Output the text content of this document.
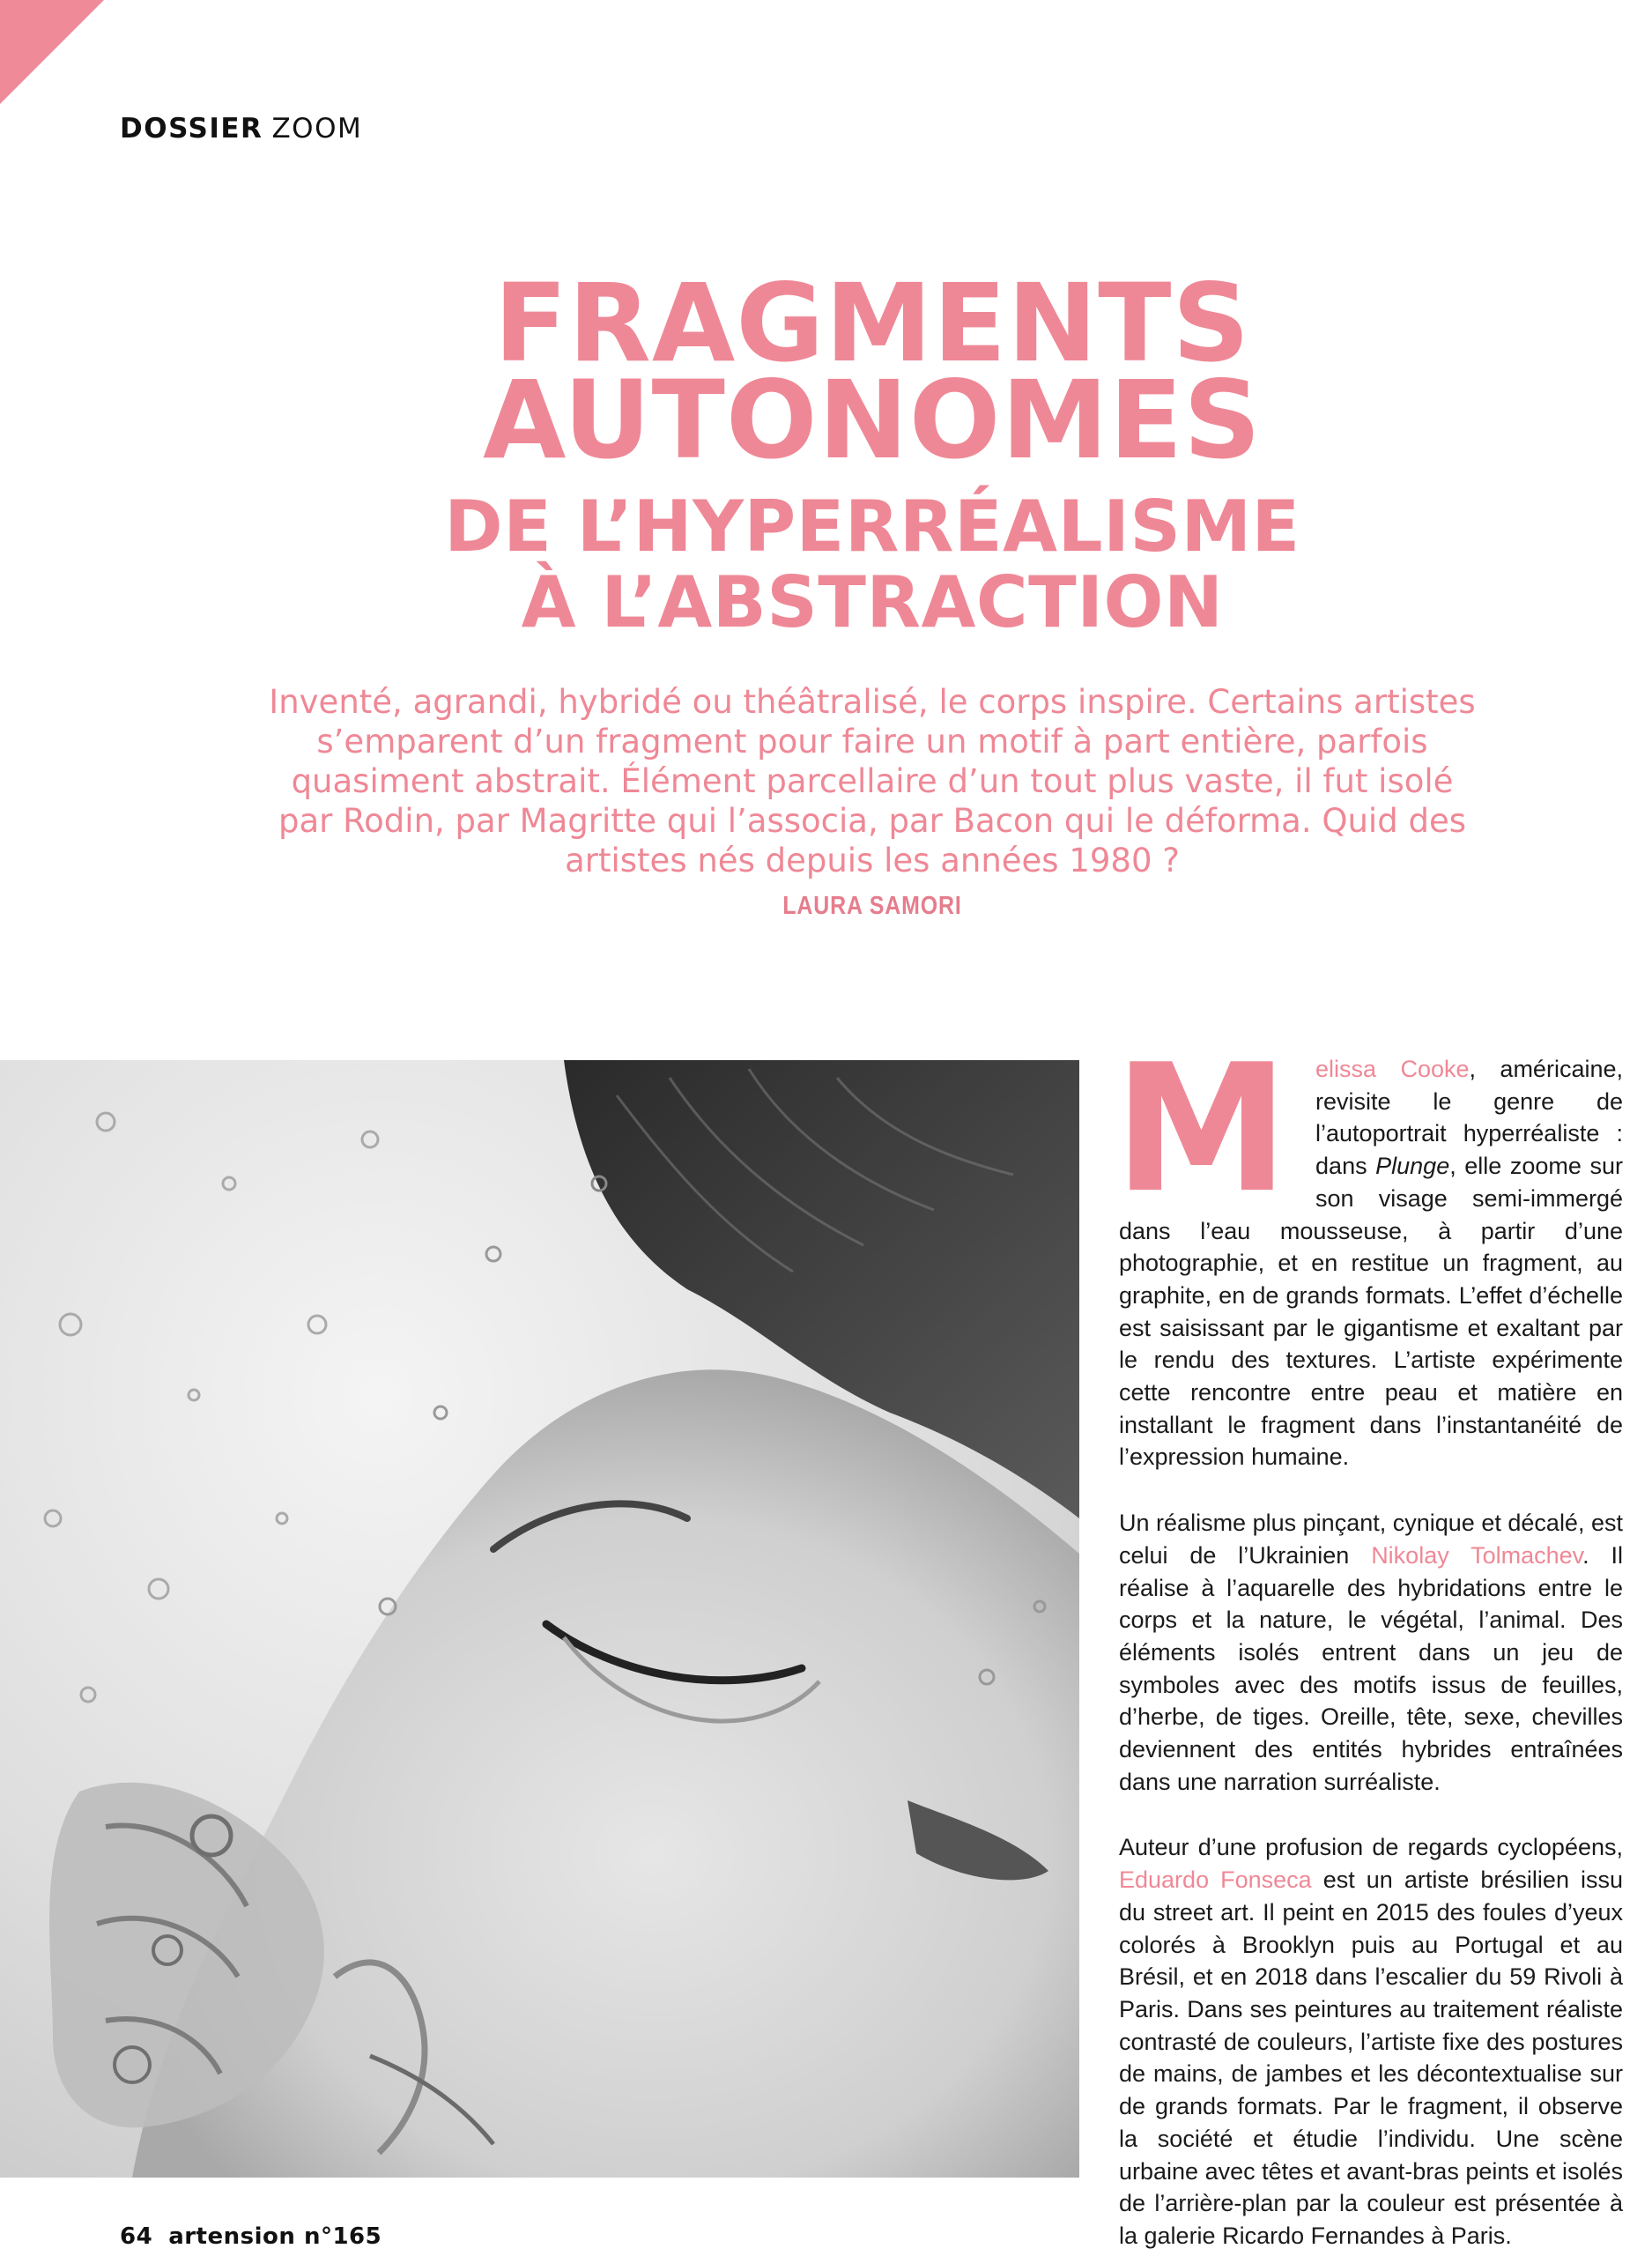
DOSSIER ZOOM
FRAGMENTS
AUTONOMES
DE L’HYPERRÉALISME
À L’ABSTRACTION

Inventé, agrandi, hybridé ou théâtralisé, le corps inspire. Certains artistes s’emparent d’un fragment pour faire un motif à part entière, parfois quasiment abstrait. Élément parcellaire d’un tout plus vaste, il fut isolé par Rodin, par Magritte qui l’associa, par Bacon qui le déforma. Quid des artistes nés depuis les années 1980 ?

LAURA SAMORI
M	elissa Cooke, américaine, revisite le genre de l’autoportrait hyperréaliste : dans Plunge, elle zoome sur son visage semi-immergé dans l’eau mousseuse, à partir d’une photographie, et en restitue un fragment, au graphite, en de grands formats. L’effet d’échelle est saisissant par le gigantisme et exaltant par le rendu des textures. L’artiste expérimente cette rencontre entre peau et matière en installant le fragment dans l’instantanéité de l’expression humaine.

Un réalisme plus pinçant, cynique et décalé, est celui de l’Ukrainien Nikolay Tolmachev. Il réalise à l’aquarelle des hybridations entre le corps et la nature, le végétal, l’animal. Des éléments isolés entrent dans un jeu de symboles avec des motifs issus de feuilles, d’herbe, de tiges. Oreille, tête, sexe, chevilles deviennent des entités hybrides entraînées dans une narration surréaliste.

Auteur d’une profusion de regards cyclopéens, Eduardo Fonseca est un artiste brésilien issu du street art. Il peint en 2015 des foules d’yeux colorés à Brooklyn puis au Portugal et au Brésil, et en 2018 dans l’escalier du 59 Rivoli à Paris. Dans ses peintures au traitement réaliste contrasté de couleurs, l’artiste fixe des postures de mains, de jambes et les décontextualise sur de grands formats. Par le fragment, il observe la société et étudie l’individu. Une scène urbaine avec têtes et avant-bras peints et isolés de l’arrière-plan par la couleur est présentée à la galerie Ricardo Fernandes à Paris.

64 artension n°165
